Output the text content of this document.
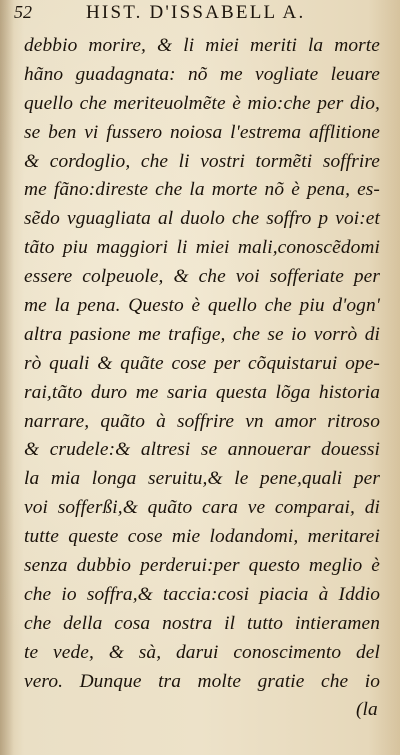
52	HIST. D'ISSABELL A.
debbio morire, & li miei meriti la morte
hãno guadagnata: nõ me vogliate leuare
quello che meriteuolmẽte è mio:che per dio,
se ben vi fussero noiosa l'estrema afflitione
& cordoglio, che li vostri tormẽti soffrire
me fãno:direste che la morte nõ è pena, es-
sẽdo vguagliata al duolo che soffro p voi:et
tãto piu maggiori li miei mali,conoscẽdomi
essere colpeuole, & che voi sofferiate per
me la pena. Questo è quello che piu d'ogn'
altra pasione me trafige, che se io vorrò di
rò quali & quãte cose per cõquistarui ope-
rai,tãto duro me saria questa lõga historia
narrare, quãto à soffrire vn amor ritroso
& crudele:& altresi se annouerar douessi
la mia longa seruitu,& le pene,quali per
voi sofferßi,& quãto cara ve comparai, di
tutte queste cose mie lodandomi, meritarei
senza dubbio perderui:per questo meglio è
che io soffra,& taccia:cosi piacia à Iddio
che della cosa nostra il tutto intieramen
te vede, & sà, darui conoscimento del
vero. Dunque tra molte gratie che io
(la
